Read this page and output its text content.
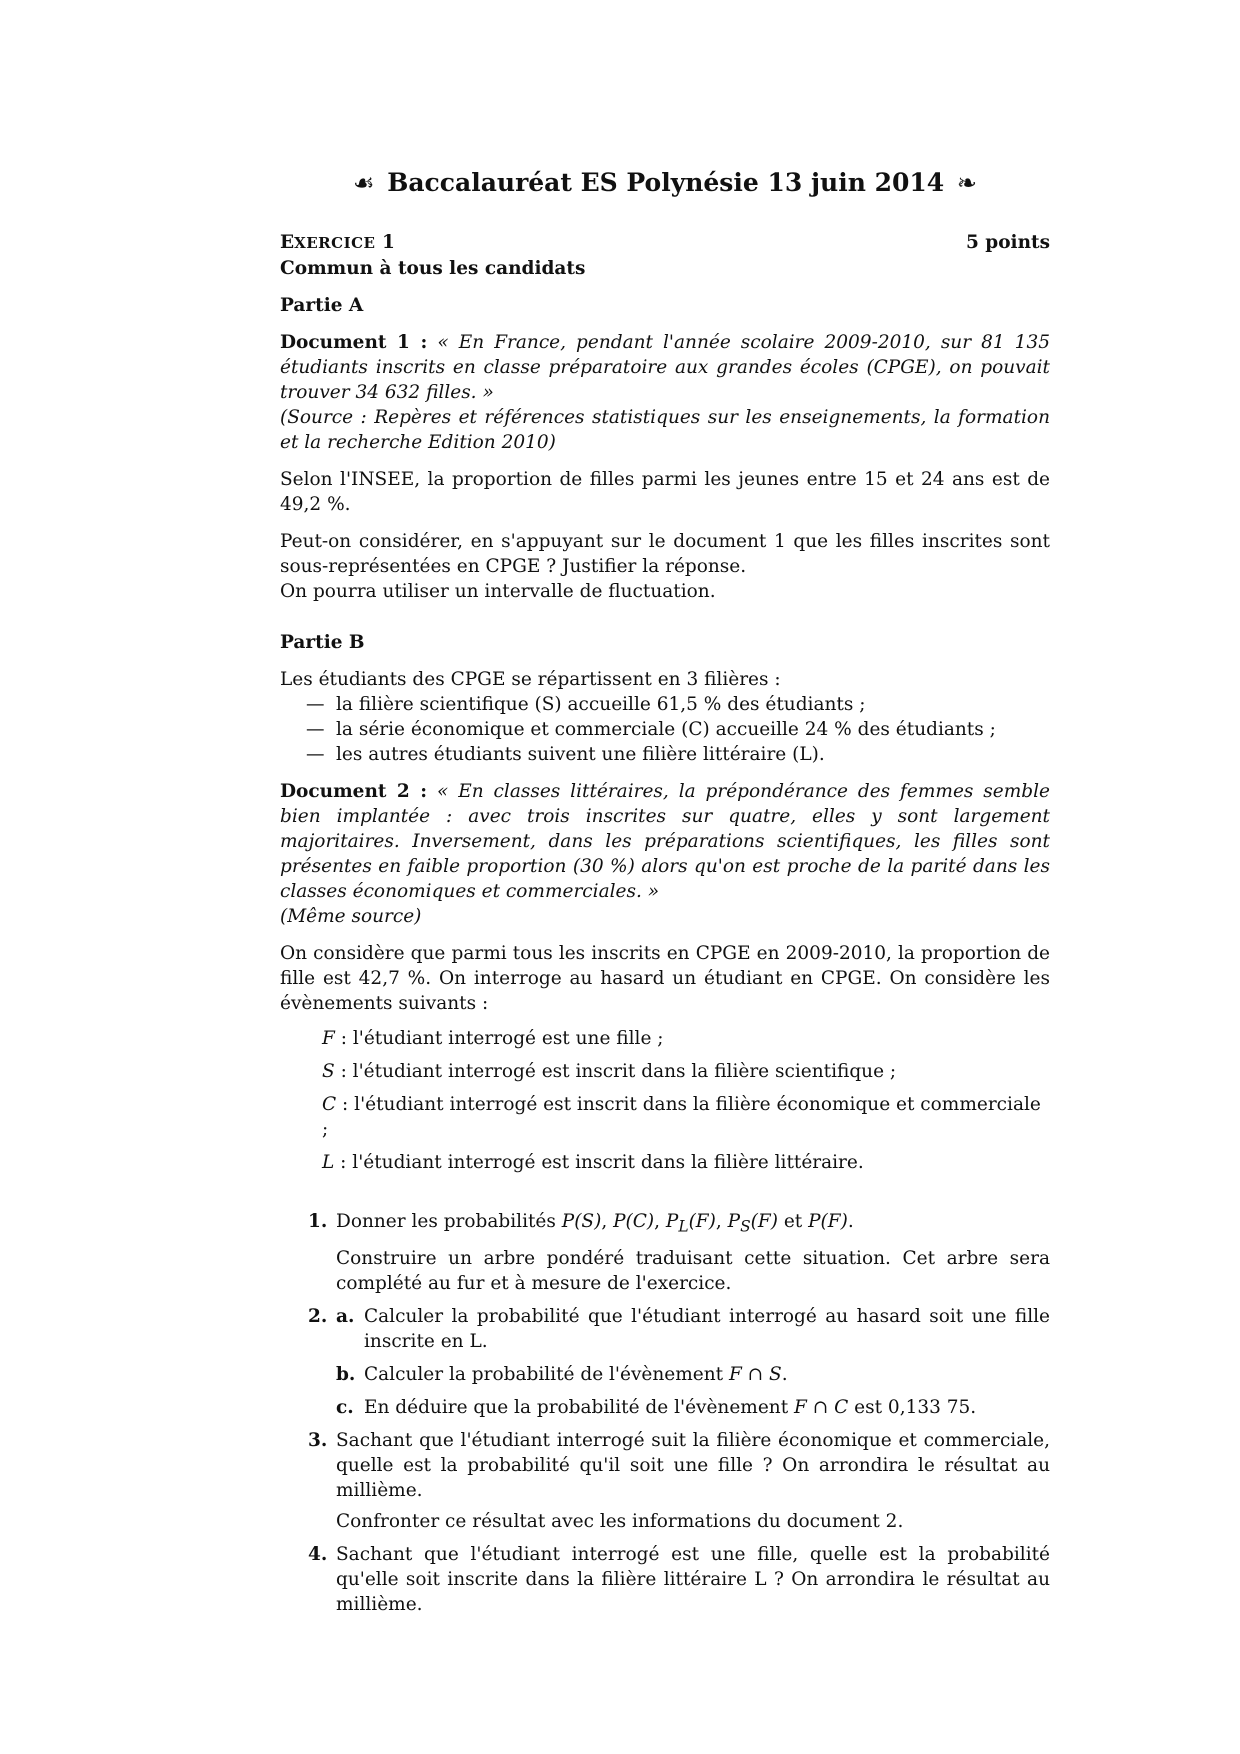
☙ Baccalauréat ES Polynésie 13 juin 2014 ❧
EXERCICE 1	5 points
Commun à tous les candidats
Partie A

Document 1 : « En France, pendant l'année scolaire 2009-2010, sur 81 135 étudiants inscrits en classe préparatoire aux grandes écoles (CPGE), on pouvait trouver 34 632 filles. »
(Source : Repères et références statistiques sur les enseignements, la formation et la recherche Edition 2010)

Selon l'INSEE, la proportion de filles parmi les jeunes entre 15 et 24 ans est de 49,2 %.

Peut-on considérer, en s'appuyant sur le document 1 que les filles inscrites sont sous-représentées en CPGE ? Justifier la réponse.
On pourra utiliser un intervalle de fluctuation.

Partie B

Les étudiants des CPGE se répartissent en 3 filières :

— la filière scientifique (S) accueille 61,5 % des étudiants ;
— la série économique et commerciale (C) accueille 24 % des étudiants ;
— les autres étudiants suivent une filière littéraire (L).

Document 2 : « En classes littéraires, la prépondérance des femmes semble bien implantée : avec trois inscrites sur quatre, elles y sont largement majoritaires. Inversement, dans les préparations scientifiques, les filles sont présentes en faible proportion (30 %) alors qu'on est proche de la parité dans les classes économiques et commerciales. »
(Même source)

On considère que parmi tous les inscrits en CPGE en 2009-2010, la proportion de fille est 42,7 %. On interroge au hasard un étudiant en CPGE. On considère les évènements suivants :

F : l'étudiant interrogé est une fille ;
S : l'étudiant interrogé est inscrit dans la filière scientifique ;
C : l'étudiant interrogé est inscrit dans la filière économique et commerciale ;
L : l'étudiant interrogé est inscrit dans la filière littéraire.
1. Donner les probabilités P(S), P(C), $P_L(F)$, $P_S(F)$ et P(F).
Construire un arbre pondéré traduisant cette situation. Cet arbre sera complété au fur et à mesure de l'exercice.
2. a. Calculer la probabilité que l'étudiant interrogé au hasard soit une fille inscrite en L.
b. Calculer la probabilité de l'évènement F ∩ S.
c. En déduire que la probabilité de l'évènement F ∩ C est 0,133 75.
3. Sachant que l'étudiant interrogé suit la filière économique et commerciale, quelle est la probabilité qu'il soit une fille ? On arrondira le résultat au millième.
Confronter ce résultat avec les informations du document 2.
4. Sachant que l'étudiant interrogé est une fille, quelle est la probabilité qu'elle soit inscrite dans la filière littéraire L ? On arrondira le résultat au millième.
